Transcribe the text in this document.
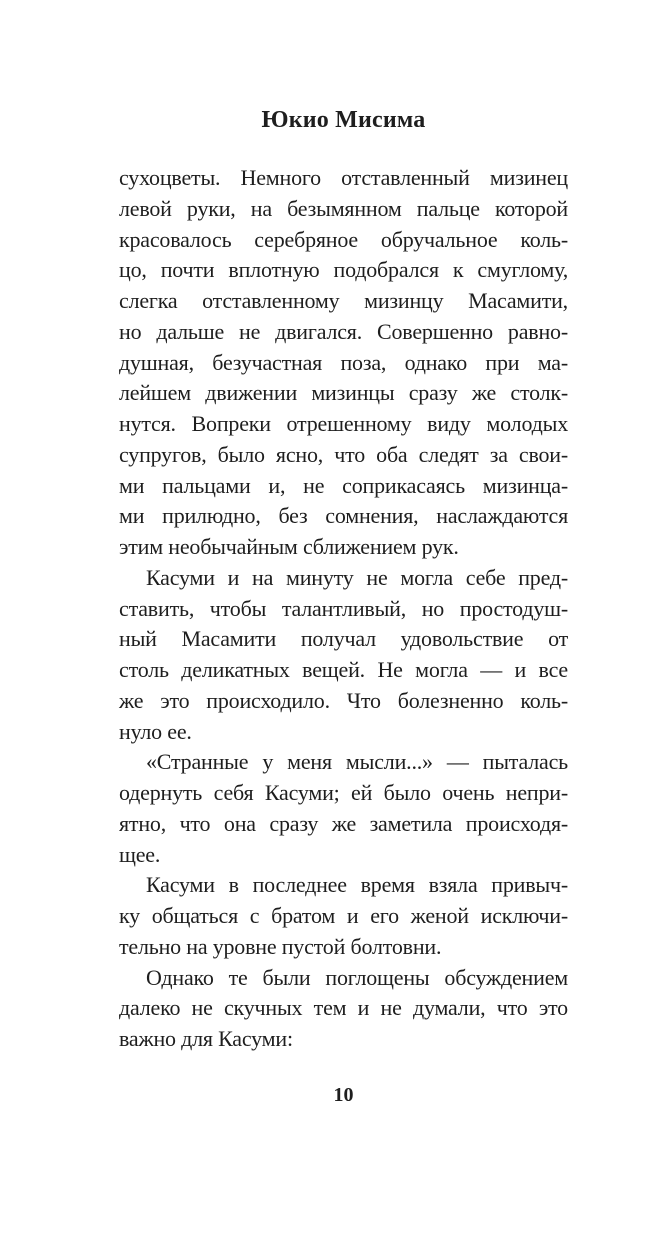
Юкио Мисима
сухоцветы. Немного отставленный мизинец
левой руки, на безымянном пальце которой
красовалось серебряное обручальное коль-
цо, почти вплотную подобрался к смуглому,
слегка отставленному мизинцу Масамити,
но дальше не двигался. Совершенно равно-
душная, безучастная поза, однако при ма-
лейшем движении мизинцы сразу же столк-
нутся. Вопреки отрешенному виду молодых
супругов, было ясно, что оба следят за свои-
ми пальцами и, не соприкасаясь мизинца-
ми прилюдно, без сомнения, наслаждаются
этим необычайным сближением рук.
Касуми и на минуту не могла себе пред-
ставить, чтобы талантливый, но простодуш-
ный Масамити получал удовольствие от
столь деликатных вещей. Не могла — и все
же это происходило. Что болезненно коль-
нуло ее.
«Странные у меня мысли...» — пыталась
одернуть себя Касуми; ей было очень непри-
ятно, что она сразу же заметила происходя-
щее.
Касуми в последнее время взяла привыч-
ку общаться с братом и его женой исключи-
тельно на уровне пустой болтовни.
Однако те были поглощены обсуждением
далеко не скучных тем и не думали, что это
важно для Касуми:
10
